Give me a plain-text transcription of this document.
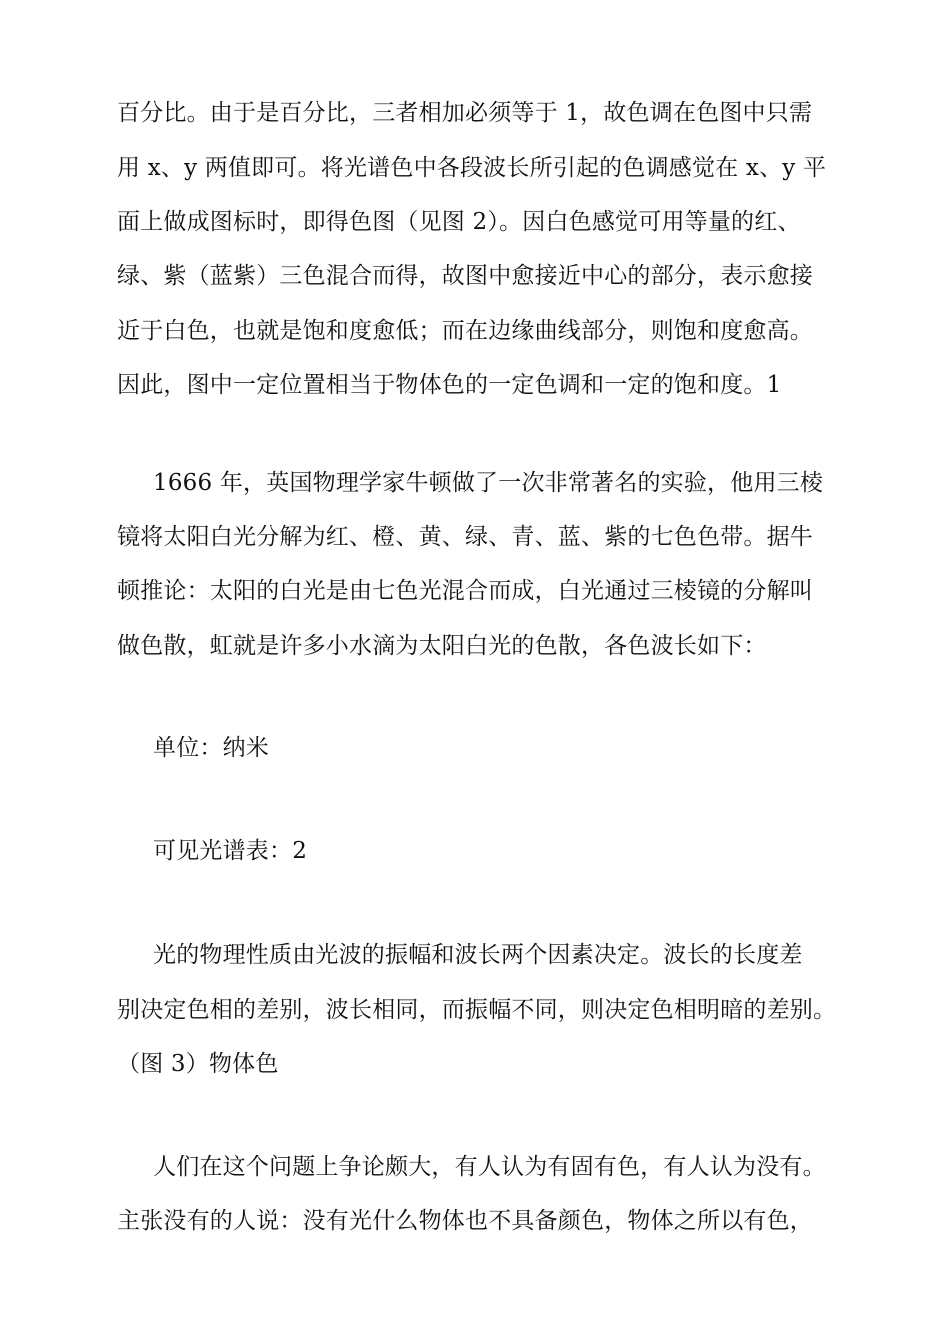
百分比。由于是百分比，三者相加必须等于 1，故色调在色图中只需
用 x、y 两值即可。将光谱色中各段波长所引起的色调感觉在 x、y 平
面上做成图标时，即得色图（见图 2）。因白色感觉可用等量的红、
绿、紫（蓝紫）三色混合而得，故图中愈接近中心的部分，表示愈接
近于白色，也就是饱和度愈低；而在边缘曲线部分，则饱和度愈高。
因此，图中一定位置相当于物体色的一定色调和一定的饱和度。1
1666 年，英国物理学家牛顿做了一次非常著名的实验，他用三棱
镜将太阳白光分解为红、橙、黄、绿、青、蓝、紫的七色色带。据牛
顿推论：太阳的白光是由七色光混合而成，白光通过三棱镜的分解叫
做色散，虹就是许多小水滴为太阳白光的色散，各色波长如下：
单位：纳米
可见光谱表：2
光的物理性质由光波的振幅和波长两个因素决定。波长的长度差
别决定色相的差别，波长相同，而振幅不同，则决定色相明暗的差别。
（图 3）物体色
人们在这个问题上争论颇大，有人认为有固有色，有人认为没有。
主张没有的人说：没有光什么物体也不具备颜色，物体之所以有色，
